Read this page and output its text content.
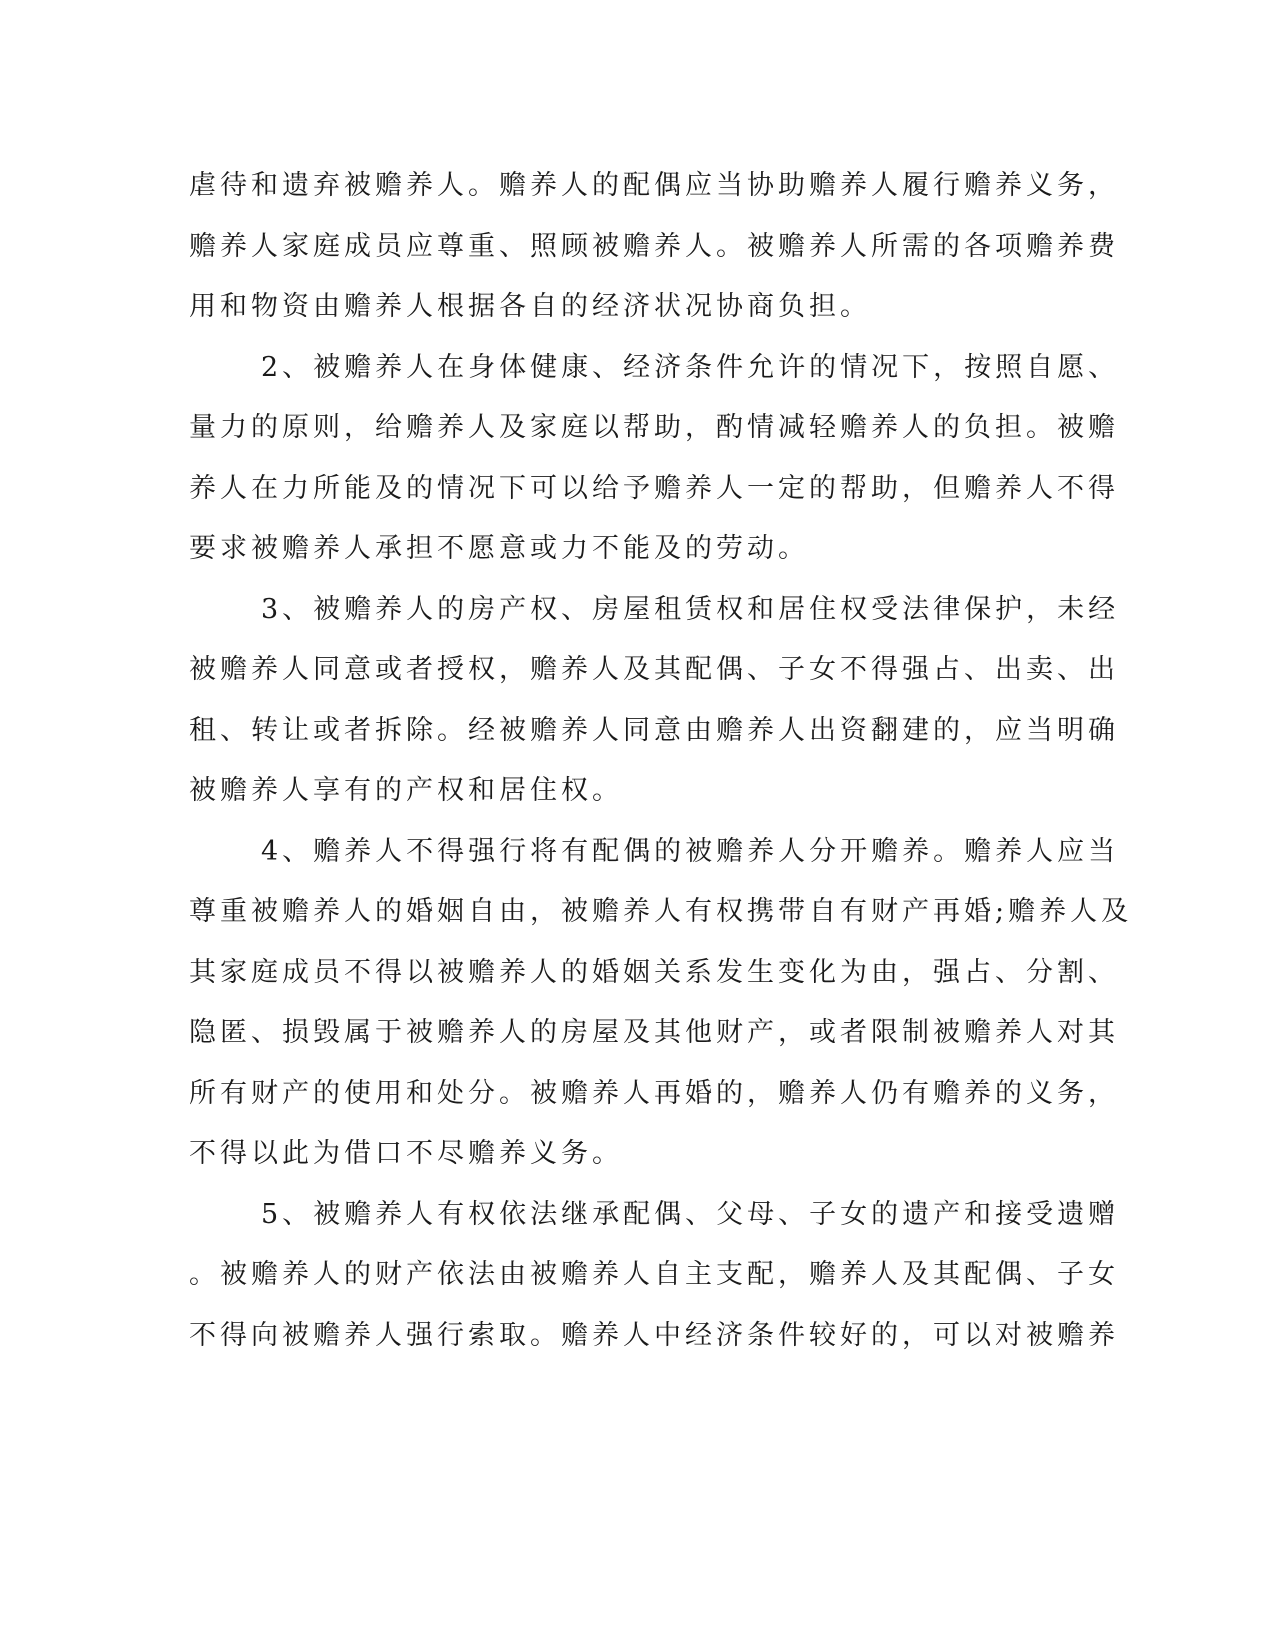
虐待和遗弃被赡养人。赡养人的配偶应当协助赡养人履行赡养义务，
赡养人家庭成员应尊重、照顾被赡养人。被赡养人所需的各项赡养费
用和物资由赡养人根据各自的经济状况协商负担。
2、被赡养人在身体健康、经济条件允许的情况下，按照自愿、
量力的原则，给赡养人及家庭以帮助，酌情减轻赡养人的负担。被赡
养人在力所能及的情况下可以给予赡养人一定的帮助，但赡养人不得
要求被赡养人承担不愿意或力不能及的劳动。
3、被赡养人的房产权、房屋租赁权和居住权受法律保护，未经
被赡养人同意或者授权，赡养人及其配偶、子女不得强占、出卖、出
租、转让或者拆除。经被赡养人同意由赡养人出资翻建的，应当明确
被赡养人享有的产权和居住权。
4、赡养人不得强行将有配偶的被赡养人分开赡养。赡养人应当
尊重被赡养人的婚姻自由，被赡养人有权携带自有财产再婚;赡养人及
其家庭成员不得以被赡养人的婚姻关系发生变化为由，强占、分割、
隐匿、损毁属于被赡养人的房屋及其他财产，或者限制被赡养人对其
所有财产的使用和处分。被赡养人再婚的，赡养人仍有赡养的义务，
不得以此为借口不尽赡养义务。
5、被赡养人有权依法继承配偶、父母、子女的遗产和接受遗赠
。被赡养人的财产依法由被赡养人自主支配，赡养人及其配偶、子女
不得向被赡养人强行索取。赡养人中经济条件较好的，可以对被赡养
